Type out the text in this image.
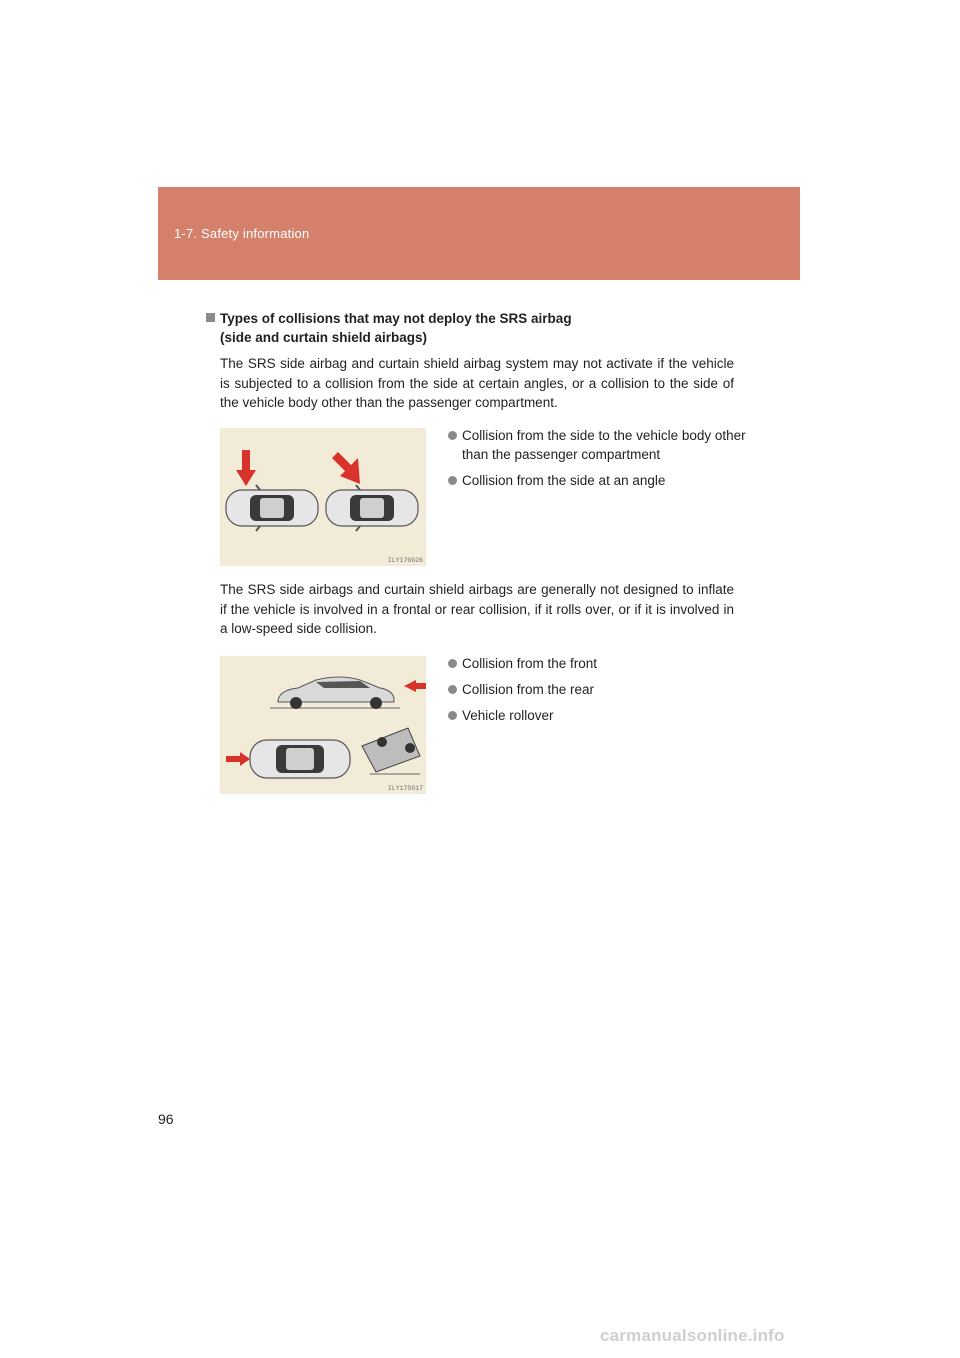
1-7. Safety information
Types of collisions that may not deploy the SRS airbag
(side and curtain shield airbags)
The SRS side airbag and curtain shield airbag system may not activate if the vehicle is subjected to a collision from the side at certain angles, or a collision to the side of the vehicle body other than the passenger compartment.
ILY17G026
Collision from the side to the vehicle body other than the passenger compartment
Collision from the side at an angle
The SRS side airbags and curtain shield airbags are generally not designed to inflate if the vehicle is involved in a frontal or rear collision, if it rolls over, or if it is involved in a low-speed side collision.
ILY17S017
Collision from the front
Collision from the rear
Vehicle rollover
96
carmanualsonline.info
